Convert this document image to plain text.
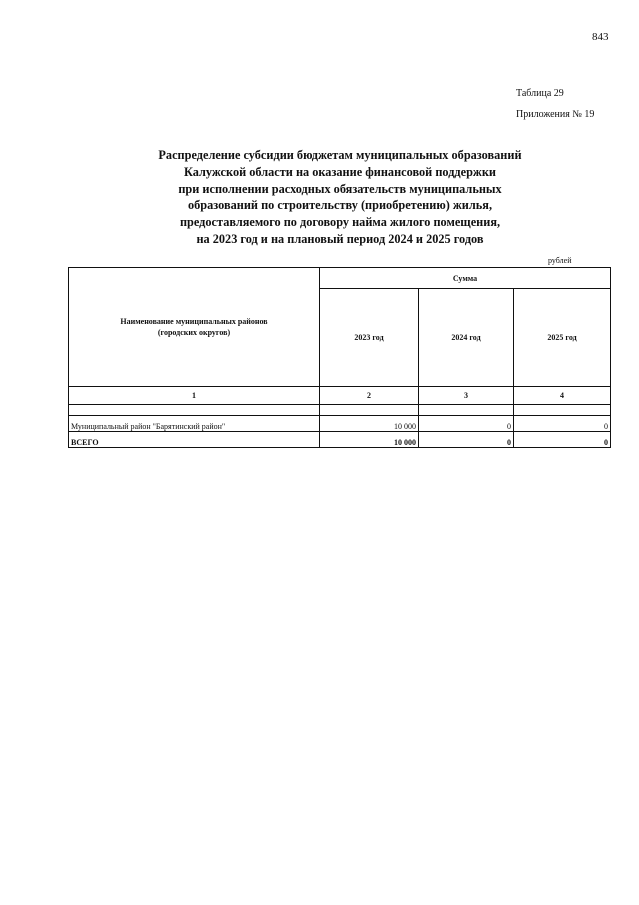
843
Таблица 29
Приложения № 19
Распределение субсидии бюджетам муниципальных образований
Калужской области на оказание финансовой поддержки
при исполнении расходных обязательств муниципальных
образований по строительству (приобретению) жилья,
предоставляемого по договору найма жилого помещения,
на 2023 год и на плановый период 2024 и 2025 годов
рублей
Наименование муниципальных районов
(городских округов)	Сумма		
	2023 год	2024 год	2025 год
1	2	3	4

Муниципальный район "Барятинский район"	10 000	0	0
ВСЕГО	10 000	0	0
